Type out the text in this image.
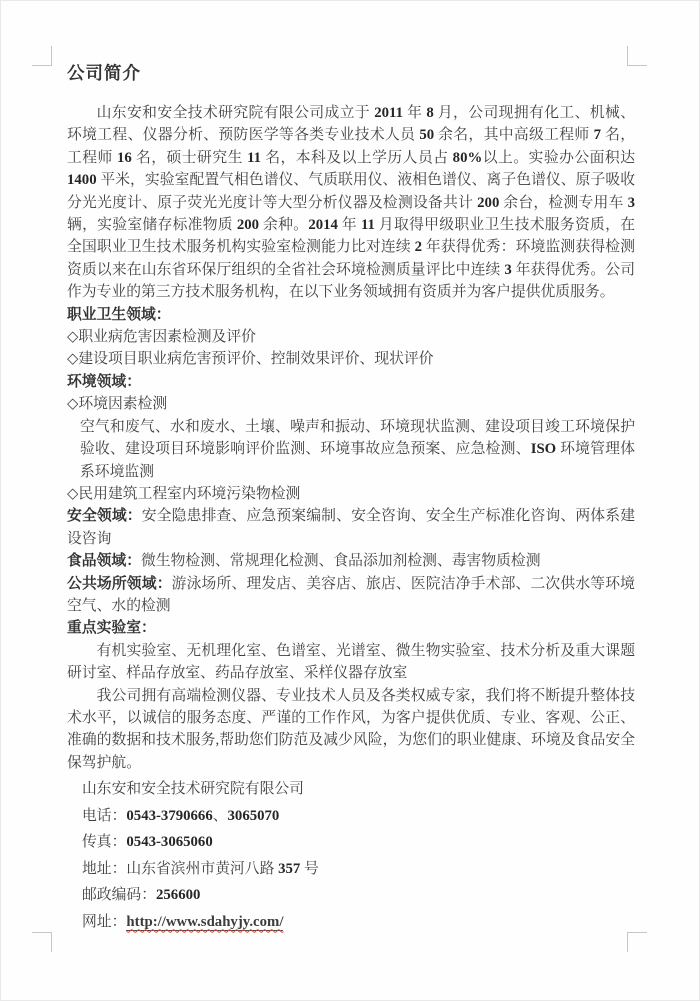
公司简介
山东安和安全技术研究院有限公司成立于 2011 年 8 月，公司现拥有化工、机械、环境工程、仪器分析、预防医学等各类专业技术人员 50 余名，其中高级工程师 7 名，工程师 16 名，硕士研究生 11 名，本科及以上学历人员占 80%以上。实验办公面积达 1400 平米，实验室配置气相色谱仪、气质联用仪、液相色谱仪、离子色谱仪、原子吸收分光光度计、原子荧光光度计等大型分析仪器及检测设备共计 200 余台，检测专用车 3 辆，实验室储存标准物质 200 余种。2014 年 11 月取得甲级职业卫生技术服务资质，在全国职业卫生技术服务机构实验室检测能力比对连续 2 年获得优秀：环境监测获得检测资质以来在山东省环保厅组织的全省社会环境检测质量评比中连续 3 年获得优秀。公司作为专业的第三方技术服务机构，在以下业务领域拥有资质并为客户提供优质服务。
职业卫生领域：
◇职业病危害因素检测及评价
◇建设项目职业病危害预评价、控制效果评价、现状评价
环境领域：
◇环境因素检测
空气和废气、水和废水、土壤、噪声和振动、环境现状监测、建设项目竣工环境保护验收、建设项目环境影响评价监测、环境事故应急预案、应急检测、ISO 环境管理体系环境监测
◇民用建筑工程室内环境污染物检测
安全领域：安全隐患排查、应急预案编制、安全咨询、安全生产标准化咨询、两体系建设咨询
食品领域：微生物检测、常规理化检测、食品添加剂检测、毒害物质检测
公共场所领域：游泳场所、理发店、美容店、旅店、医院洁净手术部、二次供水等环境空气、水的检测
重点实验室：
有机实验室、无机理化室、色谱室、光谱室、微生物实验室、技术分析及重大课题研讨室、样品存放室、药品存放室、采样仪器存放室
我公司拥有高端检测仪器、专业技术人员及各类权威专家，我们将不断提升整体技术水平，以诚信的服务态度、严谨的工作作风，为客户提供优质、专业、客观、公正、准确的数据和技术服务,帮助您们防范及减少风险，为您们的职业健康、环境及食品安全保驾护航。
山东安和安全技术研究院有限公司
电话：0543-3790666、3065070
传真：0543-3065060
地址：山东省滨州市黄河八路 357 号
邮政编码：256600
网址：http://www.sdahyjy.com/
